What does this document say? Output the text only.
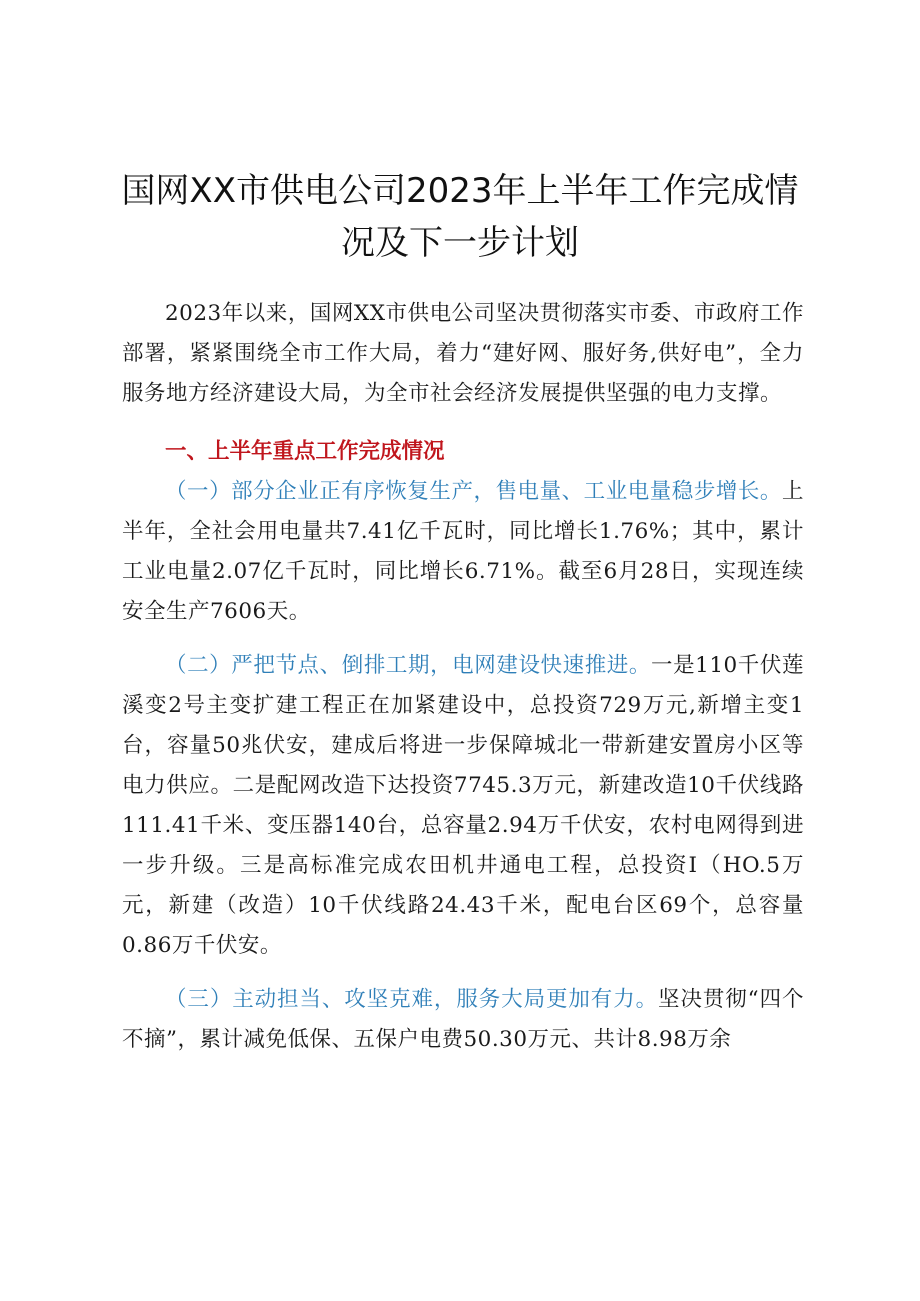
国网XX市供电公司2023年上半年工作完成情
况及下一步计划

2023年以来，国网XX市供电公司坚决贯彻落实市委、市政府工作部署，紧紧围绕全市工作大局，着力“建好网、服好务,供好电”，全力服务地方经济建设大局，为全市社会经济发展提供坚强的电力支撑。

一、上半年重点工作完成情况

（一）部分企业正有序恢复生产，售电量、工业电量稳步增长。上半年，全社会用电量共7.41亿千瓦时，同比增长1.76%；其中，累计工业电量2.07亿千瓦时，同比增长6.71%。截至6月28日，实现连续安全生产7606天。

（二）严把节点、倒排工期，电网建设快速推进。一是110千伏莲溪变2号主变扩建工程正在加紧建设中，总投资729万元,新增主变1台，容量50兆伏安，建成后将进一步保障城北一带新建安置房小区等电力供应。二是配网改造下达投资7745.3万元，新建改造10千伏线路111.41千米、变压器140台，总容量2.94万千伏安，农村电网得到进一步升级。三是高标准完成农田机井通电工程，总投资I（HO.5万元，新建（改造）10千伏线路24.43千米，配电台区69个，总容量0.86万千伏安。

（三）主动担当、攻坚克难，服务大局更加有力。坚决贯彻“四个不摘”，累计减免低保、五保户电费50.30万元、共计8.98万余
